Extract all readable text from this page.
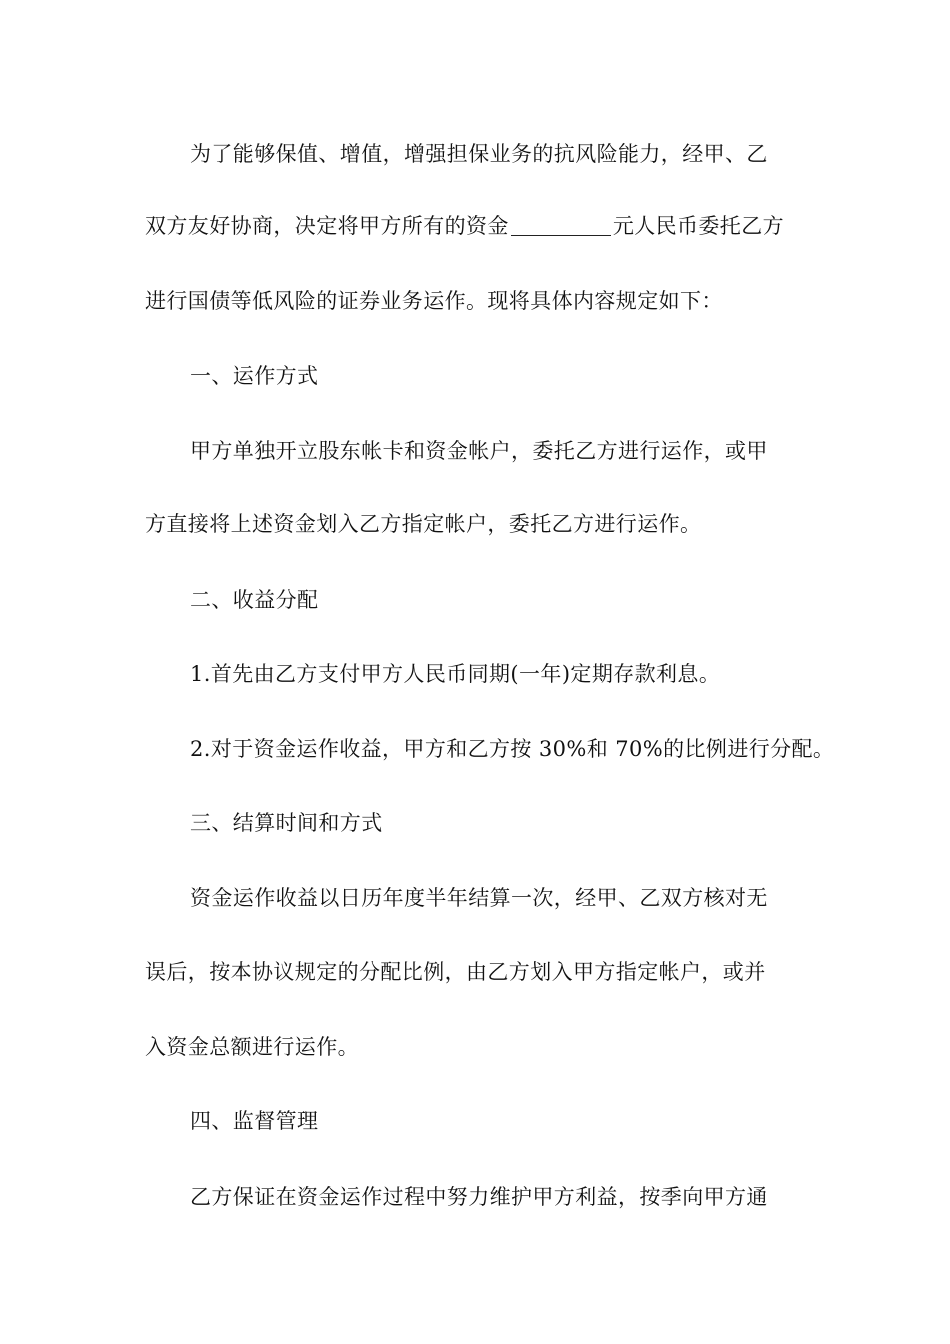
为了能够保值、增值，增强担保业务的抗风险能力，经甲、乙
双方友好协商，决定将甲方所有的资金	元人民币委托乙方
进行国债等低风险的证券业务运作。现将具体内容规定如下：
一、运作方式
甲方单独开立股东帐卡和资金帐户，委托乙方进行运作，或甲
方直接将上述资金划入乙方指定帐户，委托乙方进行运作。
二、收益分配
1.首先由乙方支付甲方人民币同期(一年)定期存款利息。
2.对于资金运作收益，甲方和乙方按 30%和 70%的比例进行分配。
三、结算时间和方式
资金运作收益以日历年度半年结算一次，经甲、乙双方核对无
误后，按本协议规定的分配比例，由乙方划入甲方指定帐户，或并
入资金总额进行运作。
四、监督管理
乙方保证在资金运作过程中努力维护甲方利益，按季向甲方通
